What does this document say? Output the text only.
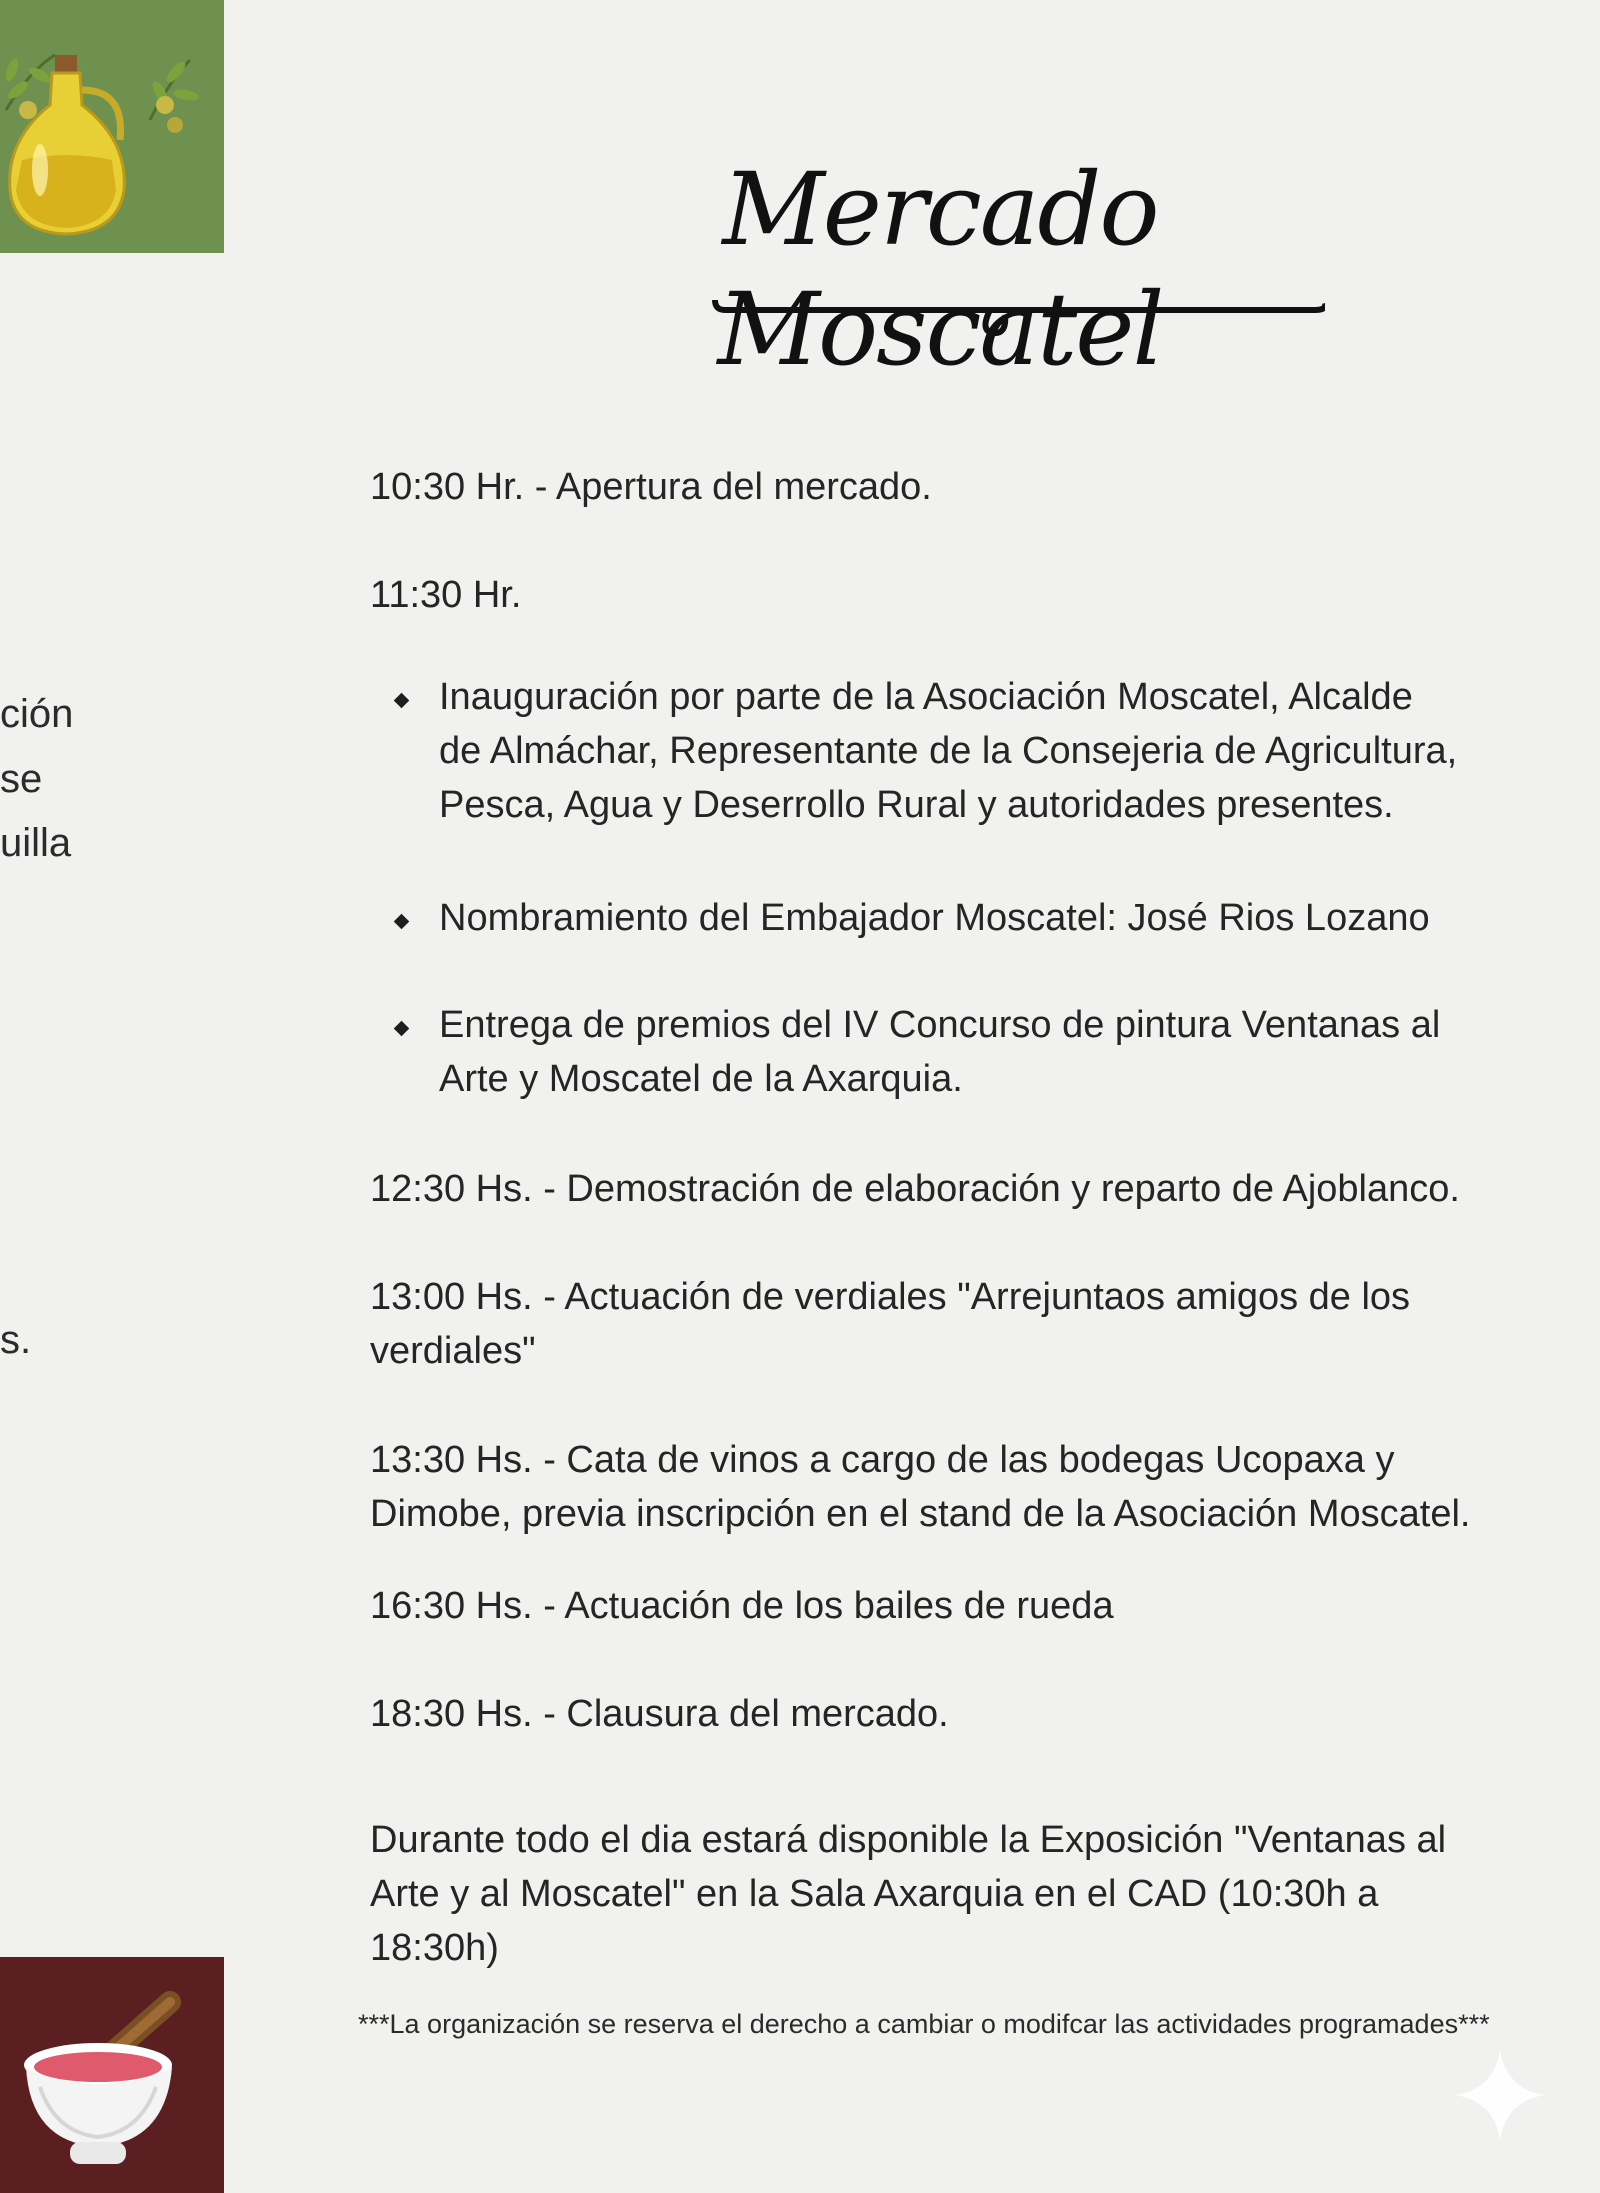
ción
se
uilla
s.
Mercado Moscatel
10:30 Hr. - Apertura del mercado.
11:30 Hr.
Inauguración por parte de la Asociación Moscatel, Alcalde de Almáchar, Representante de la Consejeria de Agricultura, Pesca, Agua y Deserrollo Rural y autoridades presentes.
Nombramiento del Embajador Moscatel: José Rios Lozano
Entrega de premios del IV Concurso de pintura Ventanas al Arte y Moscatel de la Axarquia.
12:30 Hs. - Demostración de elaboración y reparto de Ajoblanco.
13:00 Hs. - Actuación de verdiales "Arrejuntaos amigos de los verdiales"
13:30 Hs. - Cata de vinos a cargo de las bodegas Ucopaxa y Dimobe, previa inscripción en el stand de la Asociación Moscatel.
16:30 Hs. - Actuación de los bailes de rueda
18:30 Hs. - Clausura del mercado.
Durante todo el dia estará disponible la Exposición "Ventanas al Arte y al Moscatel" en la Sala Axarquia en el CAD (10:30h a 18:30h)
***La organización se reserva el derecho a cambiar o modifcar las actividades programades***
